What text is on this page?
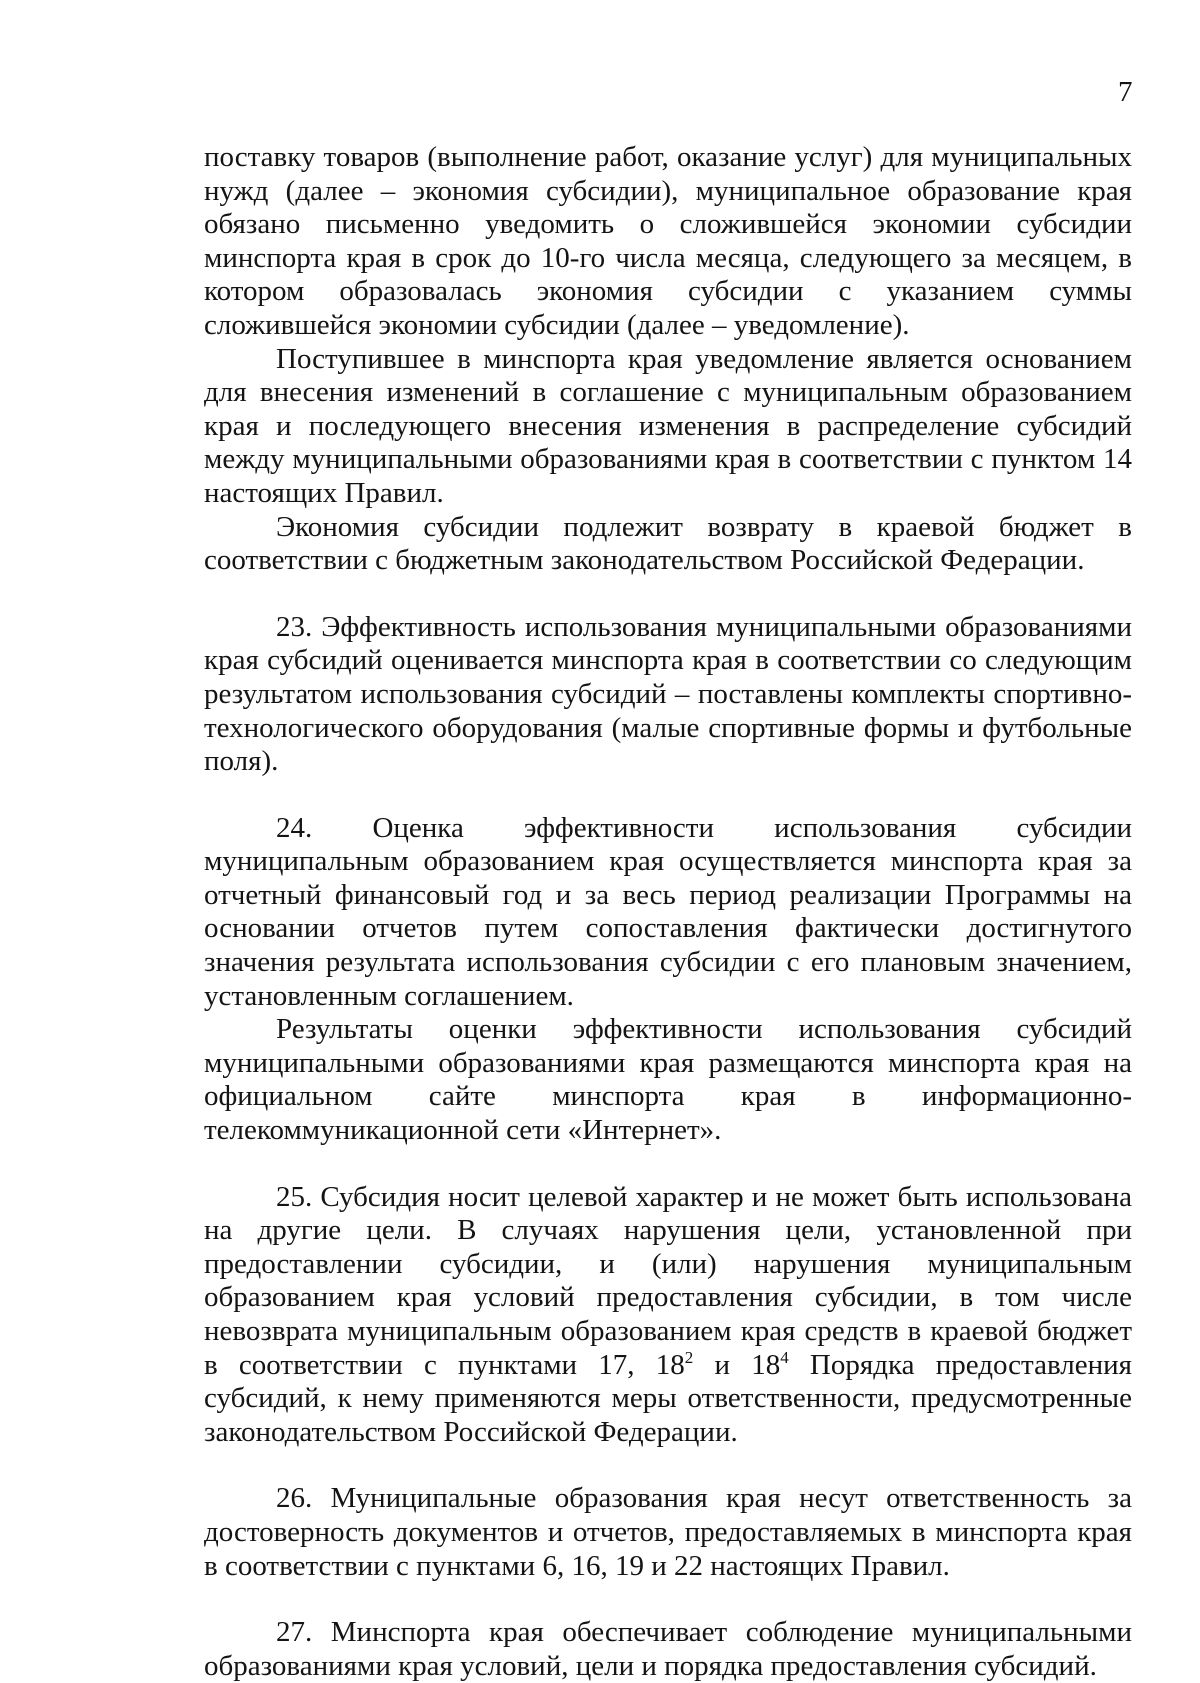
7

поставку товаров (выполнение работ, оказание услуг) для муниципальных нужд (далее – экономия субсидии), муниципальное образование края обязано письменно уведомить о сложившейся экономии субсидии минспорта края в срок до 10-го числа месяца, следующего за месяцем, в котором образовалась экономия субсидии с указанием суммы сложившейся экономии субсидии (далее – уведомление).

Поступившее в минспорта края уведомление является основанием для внесения изменений в соглашение с муниципальным образованием края и последующего внесения изменения в распределение субсидий между муниципальными образованиями края в соответствии с пунктом 14 настоящих Правил.

Экономия субсидии подлежит возврату в краевой бюджет в соответствии с бюджетным законодательством Российской Федерации.

23. Эффективность использования муниципальными образованиями края субсидий оценивается минспорта края в соответствии со следующим результатом использования субсидий – поставлены комплекты спортивно-технологического оборудования (малые спортивные формы и футбольные поля).

24. Оценка эффективности использования субсидии муниципальным образованием края осуществляется минспорта края за отчетный финансовый год и за весь период реализации Программы на основании отчетов путем сопоставления фактически достигнутого значения результата использования субсидии с его плановым значением, установленным соглашением.

Результаты оценки эффективности использования субсидий муниципальными образованиями края размещаются минспорта края на официальном сайте минспорта края в информационно-телекоммуникационной сети «Интернет».

25. Субсидия носит целевой характер и не может быть использована на другие цели. В случаях нарушения цели, установленной при предоставлении субсидии, и (или) нарушения муниципальным образованием края условий предоставления субсидии, в том числе невозврата муниципальным образованием края средств в краевой бюджет в соответствии с пунктами 17, $18^2$ и $18^4$ Порядка предоставления субсидий, к нему применяются меры ответственности, предусмотренные законодательством Российской Федерации.

26. Муниципальные образования края несут ответственность за достоверность документов и отчетов, предоставляемых в минспорта края в соответствии с пунктами 6, 16, 19 и 22 настоящих Правил.

27. Минспорта края обеспечивает соблюдение муниципальными образованиями края условий, цели и порядка предоставления субсидий.
